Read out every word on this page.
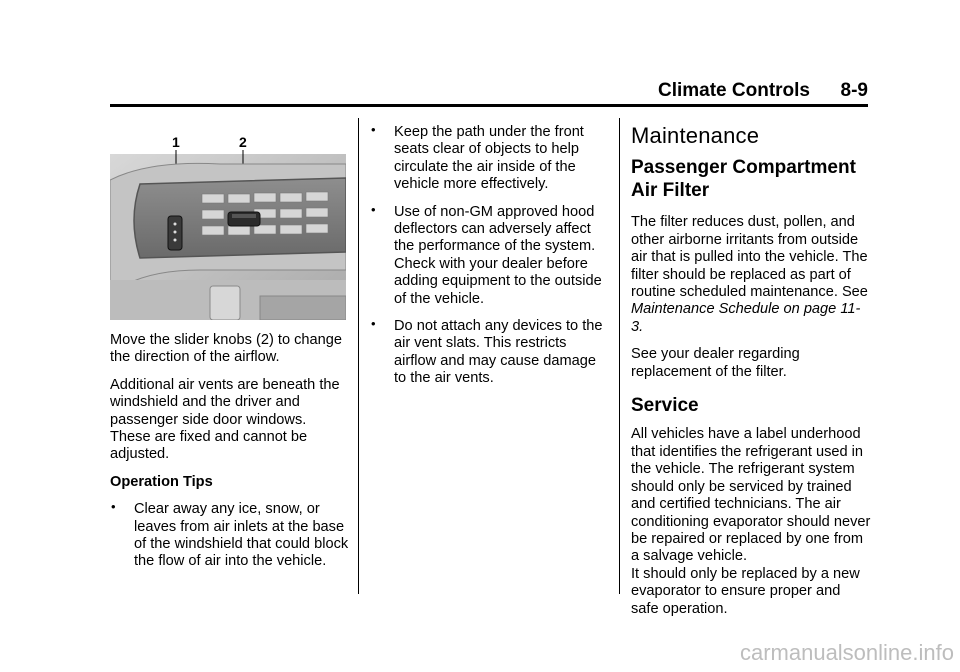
Climate Controls 8-9
1	2

Move the slider knobs (2) to change the direction of the airflow.

Additional air vents are beneath the windshield and the driver and passenger side door windows. These are fixed and cannot be adjusted.

Operation Tips

• Clear away any ice, snow, or leaves from air inlets at the base of the windshield that could block the flow of air into the vehicle.
• Keep the path under the front seats clear of objects to help circulate the air inside of the vehicle more effectively.
• Use of non-GM approved hood deflectors can adversely affect the performance of the system. Check with your dealer before adding equipment to the outside of the vehicle.
• Do not attach any devices to the air vent slats. This restricts airflow and may cause damage to the air vents.
Maintenance
Passenger Compartment Air Filter

The filter reduces dust, pollen, and other airborne irritants from outside air that is pulled into the vehicle. The filter should be replaced as part of routine scheduled maintenance. See Maintenance Schedule on page 11-3.

See your dealer regarding replacement of the filter.

Service

All vehicles have a label underhood that identifies the refrigerant used in the vehicle. The refrigerant system should only be serviced by trained and certified technicians. The air conditioning evaporator should never be repaired or replaced by one from a salvage vehicle.

It should only be replaced by a new evaporator to ensure proper and safe operation.

carmanualsonline.info
